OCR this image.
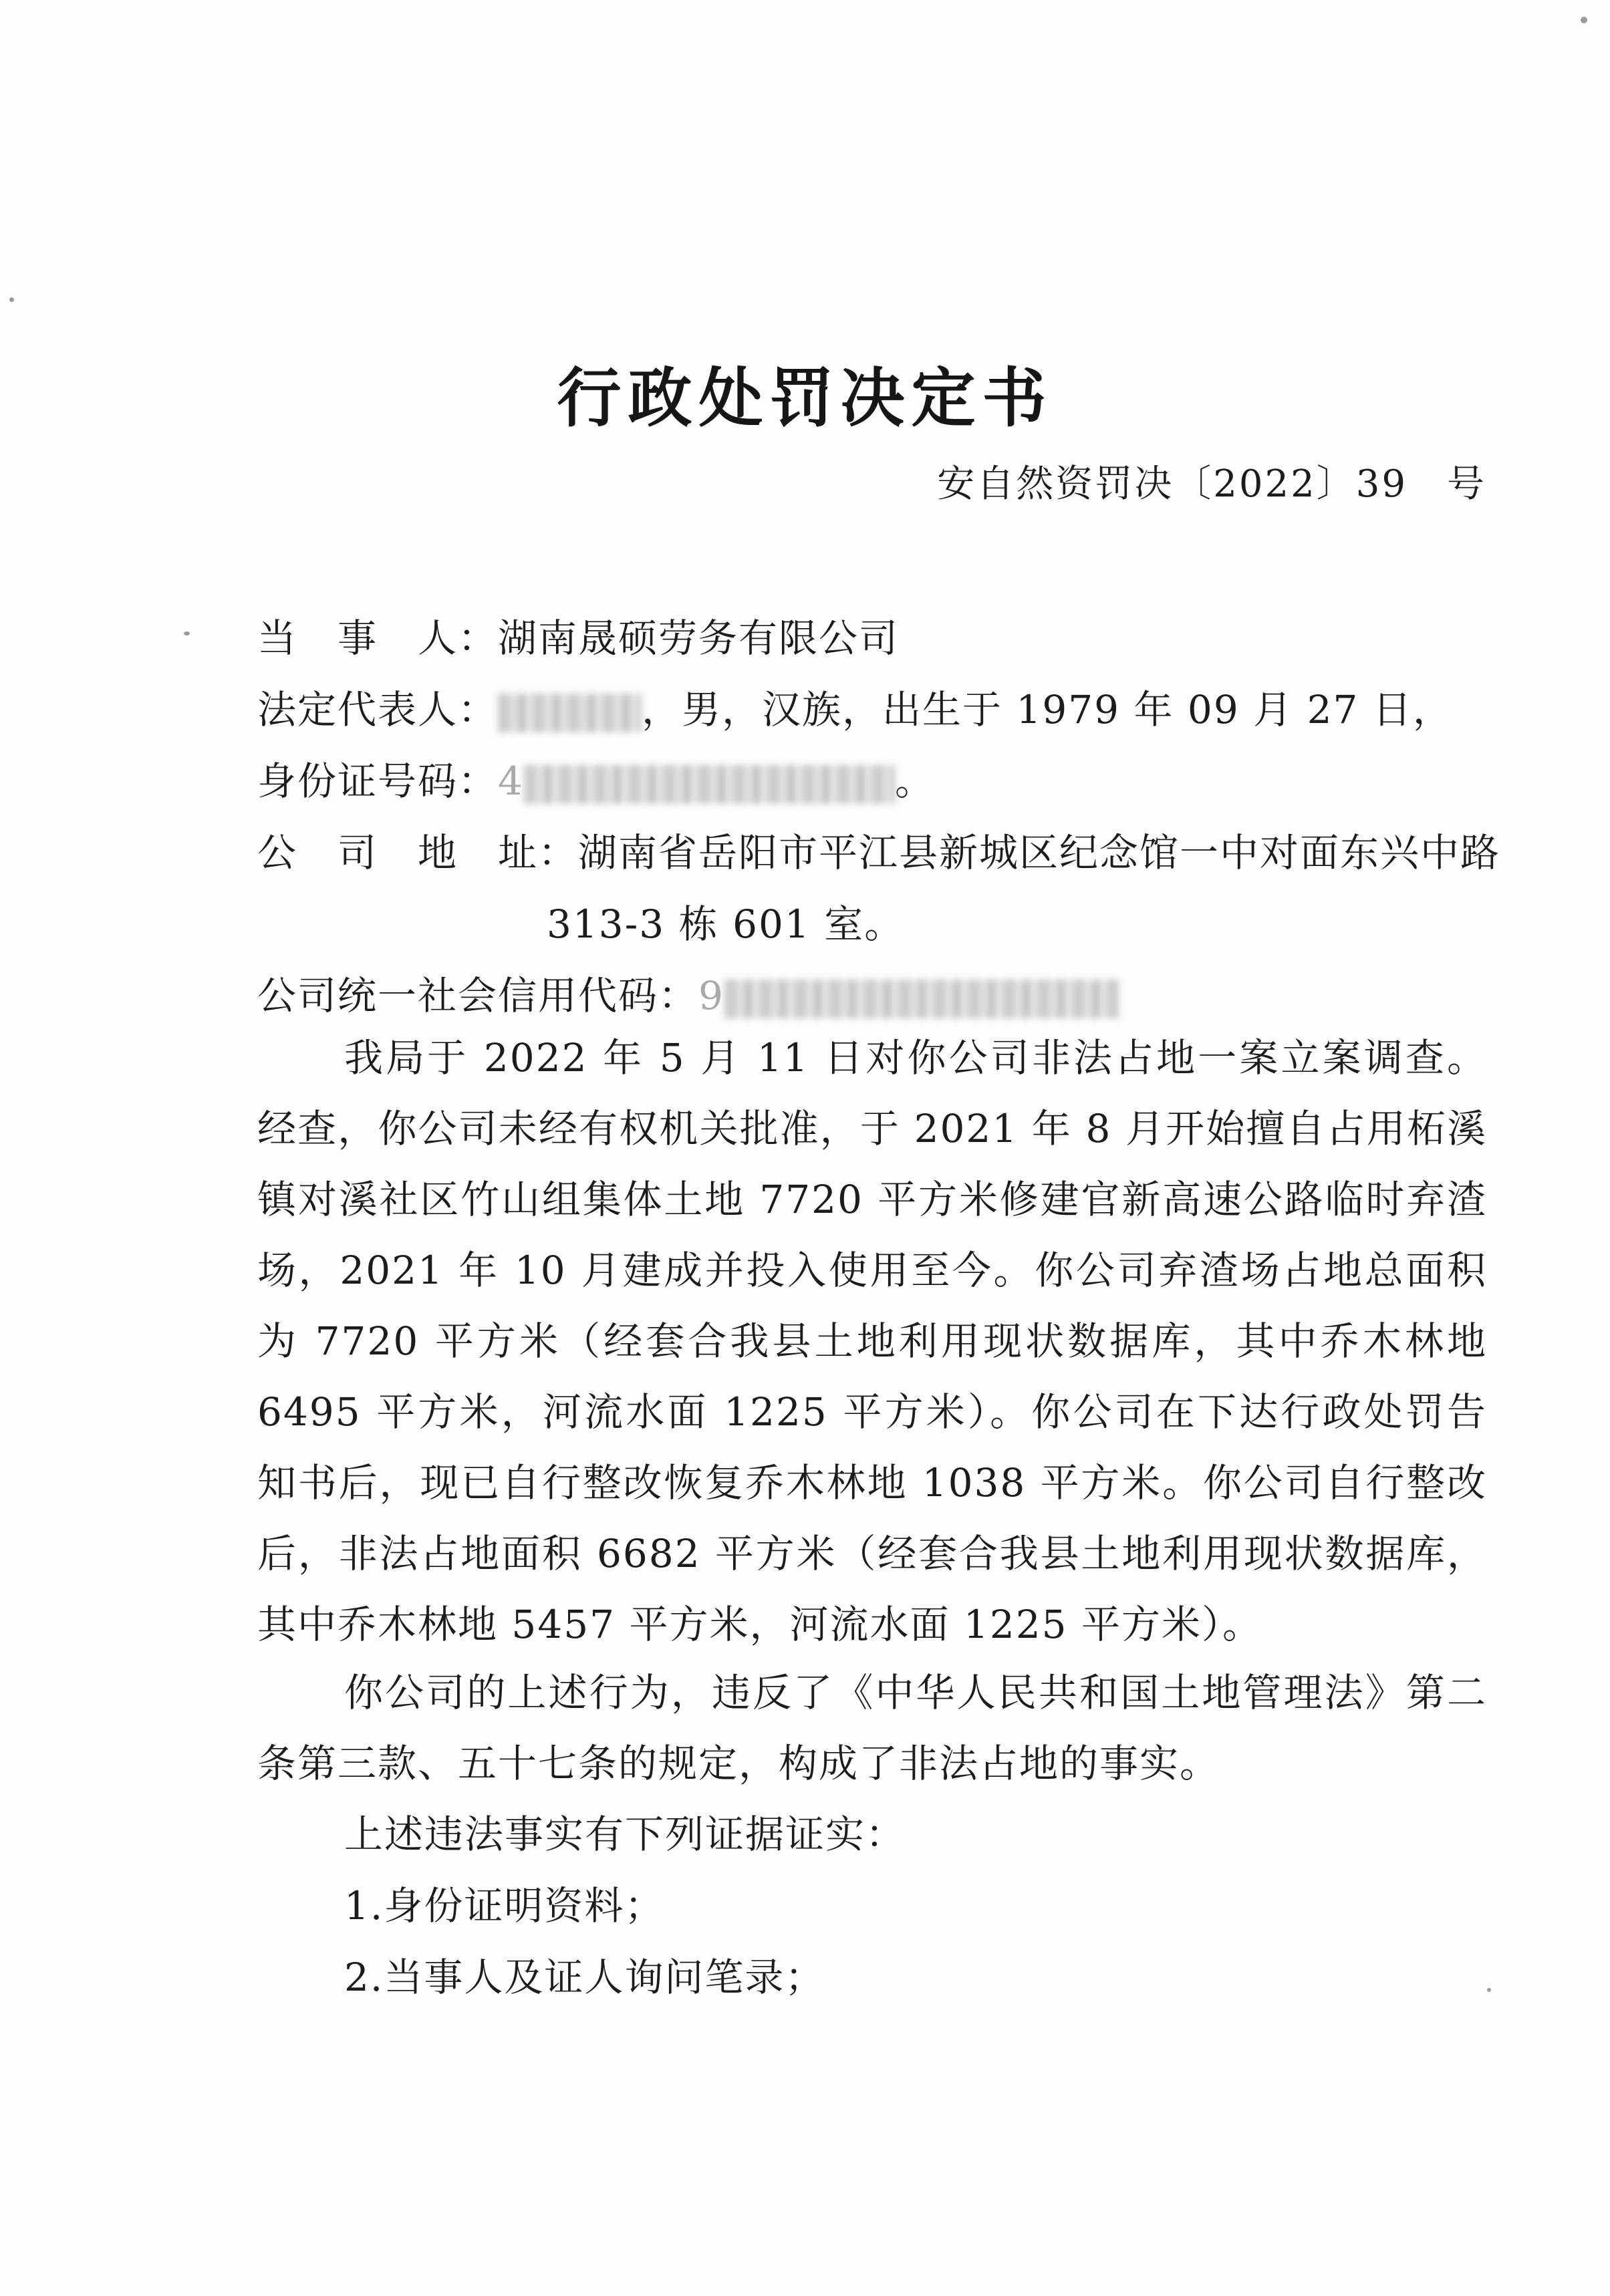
行政处罚决定书
安自然资罚决〔2022〕39　号
当　事　人：湖南晟硕劳务有限公司
法定代表人：	，男，汉族，出生于 1979 年 09 月 27 日，
身份证号码：4	。
公　司　地　址：湖南省岳阳市平江县新城区纪念馆一中对面东兴中路
313-3 栋 601 室。
公司统一社会信用代码：9
我局于 2022 年 5 月 11 日对你公司非法占地一案立案调查。经查，你公司未经有权机关批准，于 2021 年 8 月开始擅自占用柘溪镇对溪社区竹山组集体土地 7720 平方米修建官新高速公路临时弃渣场，2021 年 10 月建成并投入使用至今。你公司弃渣场占地总面积为 7720 平方米（经套合我县土地利用现状数据库，其中乔木林地 6495 平方米，河流水面 1225 平方米）。你公司在下达行政处罚告知书后，现已自行整改恢复乔木林地 1038 平方米。你公司自行整改后，非法占地面积 6682 平方米（经套合我县土地利用现状数据库，其中乔木林地 5457 平方米，河流水面 1225 平方米）。
你公司的上述行为，违反了《中华人民共和国土地管理法》第二条第三款、五十七条的规定，构成了非法占地的事实。
上述违法事实有下列证据证实：
1.身份证明资料；
2.当事人及证人询问笔录；
